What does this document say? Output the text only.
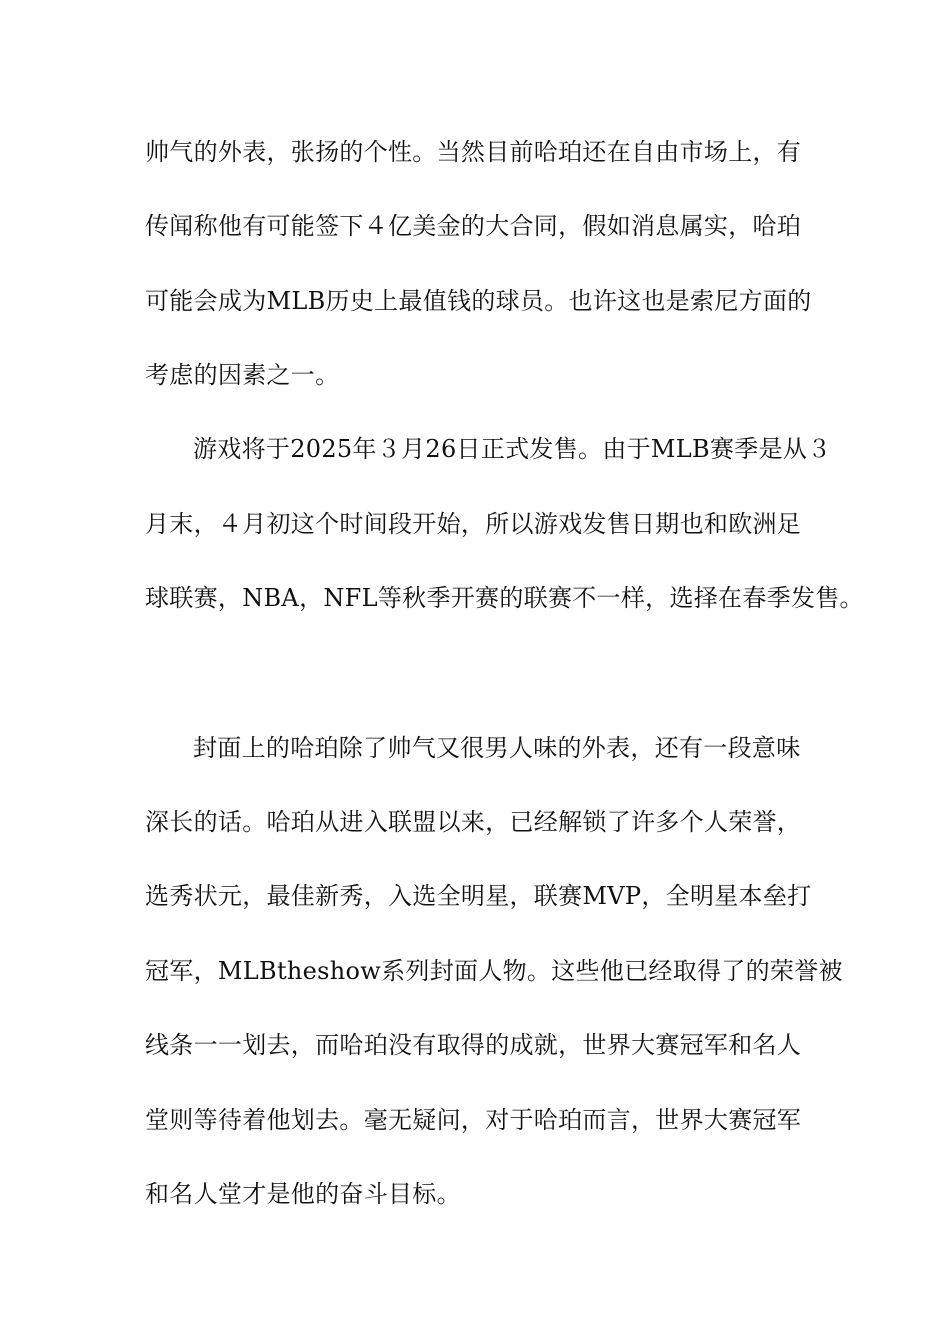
帅气的外表，张扬的个性。当然目前哈珀还在自由市场上，有
传闻称他有可能签下４亿美金的大合同，假如消息属实，哈珀
可能会成为MLB历史上最值钱的球员。也许这也是索尼方面的
考虑的因素之一。
游戏将于2025年３月26日正式发售。由于MLB赛季是从３
月末，４月初这个时间段开始，所以游戏发售日期也和欧洲足
球联赛，NBA，NFL等秋季开赛的联赛不一样，选择在春季发售。
封面上的哈珀除了帅气又很男人味的外表，还有一段意味
深长的话。哈珀从进入联盟以来，已经解锁了许多个人荣誉，
选秀状元，最佳新秀，入选全明星，联赛MVP，全明星本垒打
冠军，MLBtheshow系列封面人物。这些他已经取得了的荣誉被
线条一一划去，而哈珀没有取得的成就，世界大赛冠军和名人
堂则等待着他划去。毫无疑问，对于哈珀而言，世界大赛冠军
和名人堂才是他的奋斗目标。
